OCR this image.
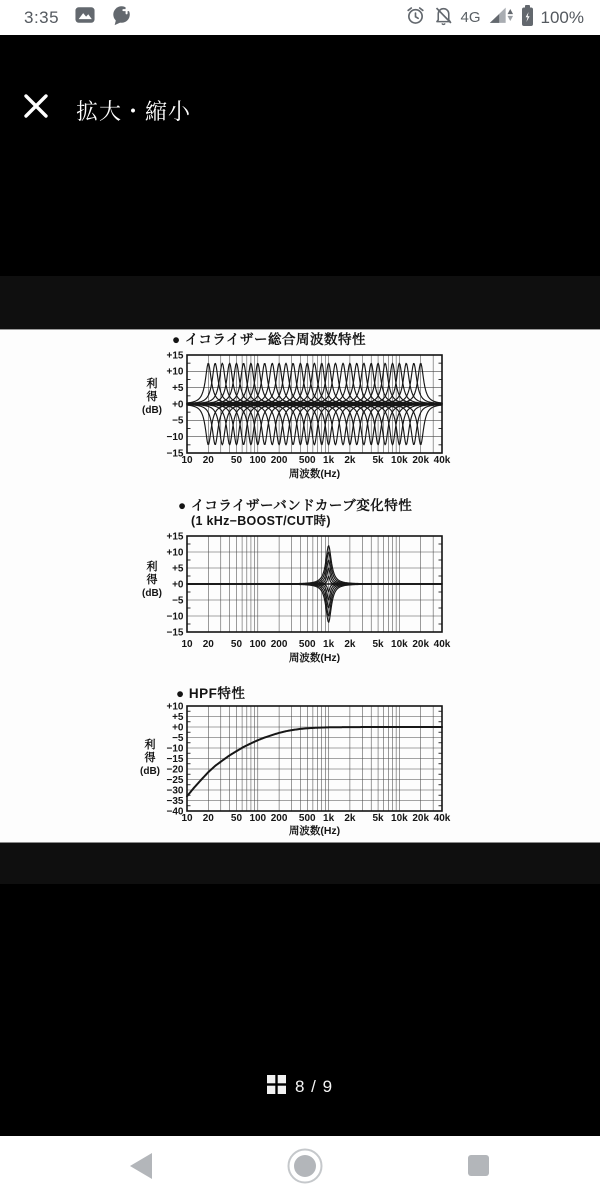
3:35	4G	100%
拡大・縮小
● イコライザー総合周波数特性
利
得
(dB)
+15
+10
+5
+0
−5
−10
−15
10 20 50 100 200 500 1k 2k 5k 10k 20k 40k
周波数(Hz)
● イコライザーバンドカーブ変化特性
(1 kHz−BOOST/CUT時)
利
得
(dB)
+15
+10
+5
+0
−5
−10
−15
10 20 50 100 200 500 1k 2k 5k 10k 20k 40k
周波数(Hz)
● HPF特性
利
得
(dB)
+10
+5
+0
−5
−10
−15
−20
−25
−30
−35
−40
10 20 50 100 200 500 1k 2k 5k 10k 20k 40k
周波数(Hz)
8 / 9
